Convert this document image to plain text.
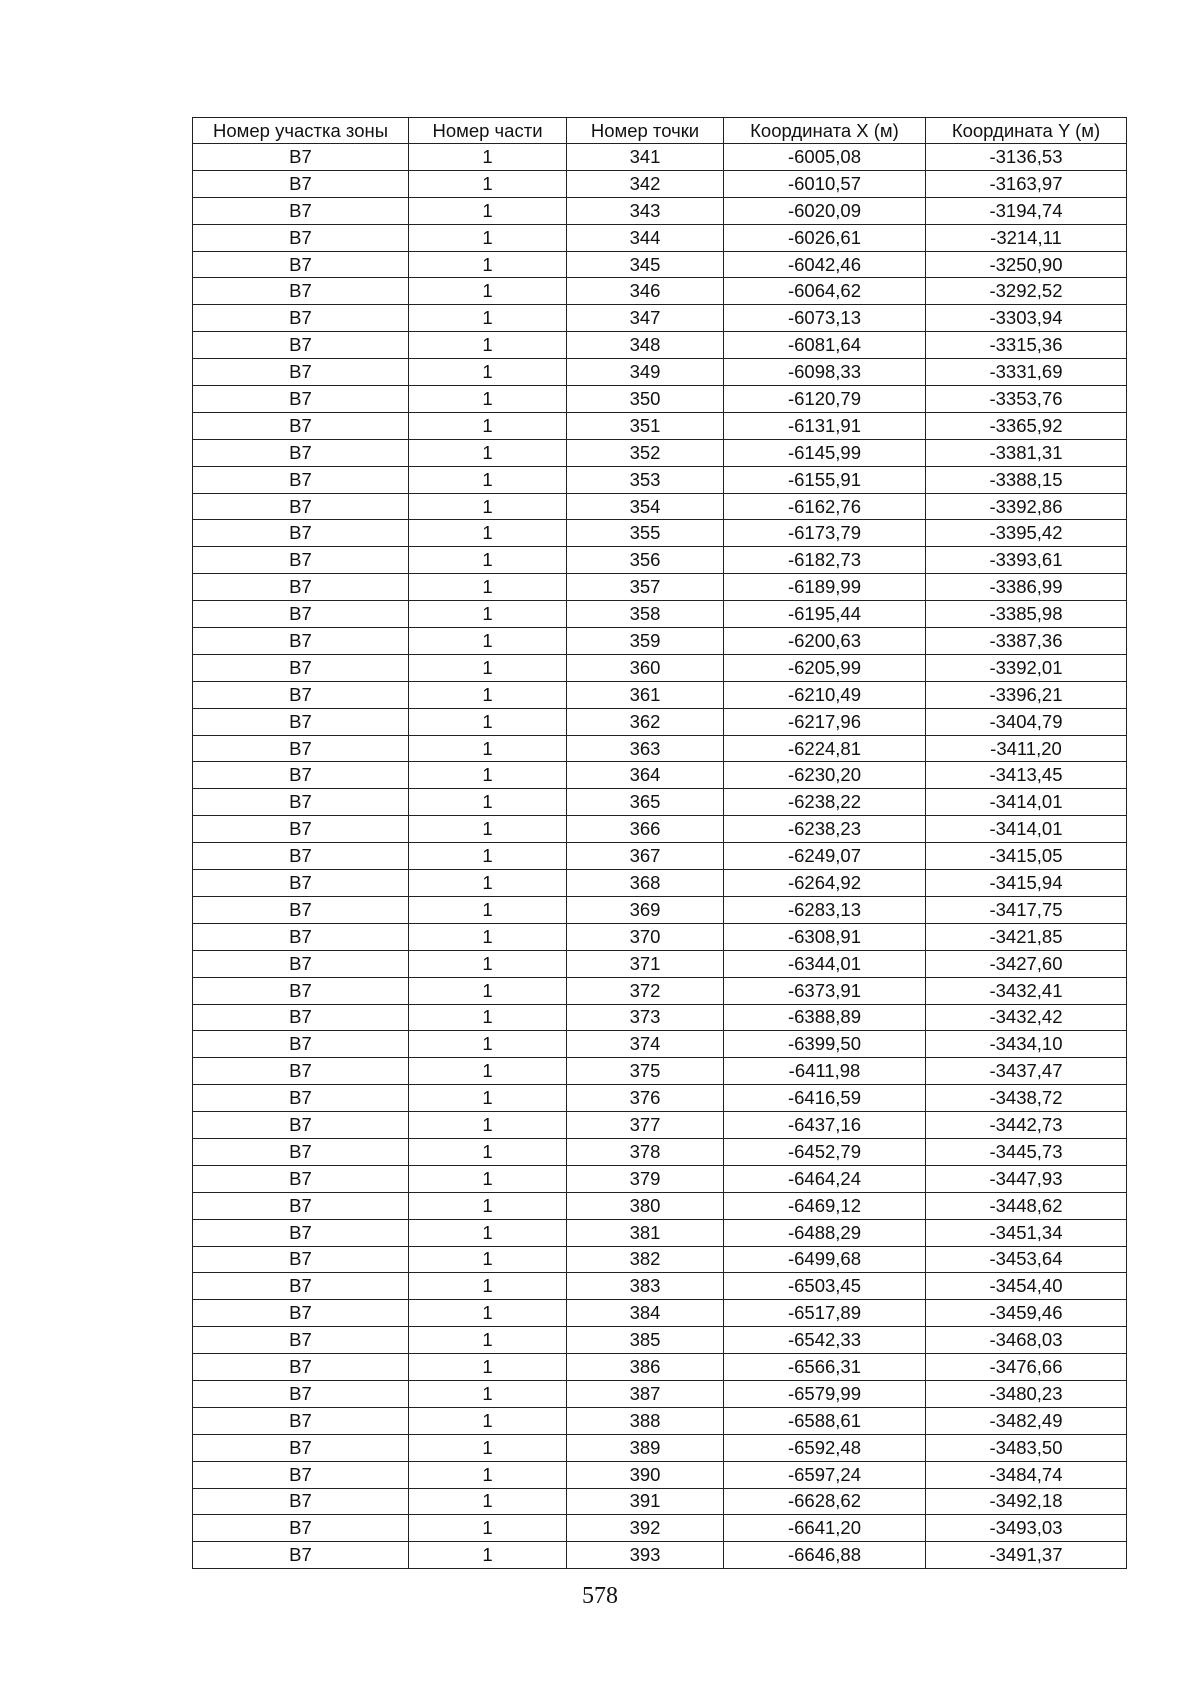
Номер участка зоны	Номер части	Номер точки	Координата X (м)	Координата Y (м)
В7	1	341	-6005,08	-3136,53
В7	1	342	-6010,57	-3163,97
В7	1	343	-6020,09	-3194,74
В7	1	344	-6026,61	-3214,11
В7	1	345	-6042,46	-3250,90
В7	1	346	-6064,62	-3292,52
В7	1	347	-6073,13	-3303,94
В7	1	348	-6081,64	-3315,36
В7	1	349	-6098,33	-3331,69
В7	1	350	-6120,79	-3353,76
В7	1	351	-6131,91	-3365,92
В7	1	352	-6145,99	-3381,31
В7	1	353	-6155,91	-3388,15
В7	1	354	-6162,76	-3392,86
В7	1	355	-6173,79	-3395,42
В7	1	356	-6182,73	-3393,61
В7	1	357	-6189,99	-3386,99
В7	1	358	-6195,44	-3385,98
В7	1	359	-6200,63	-3387,36
В7	1	360	-6205,99	-3392,01
В7	1	361	-6210,49	-3396,21
В7	1	362	-6217,96	-3404,79
В7	1	363	-6224,81	-3411,20
В7	1	364	-6230,20	-3413,45
В7	1	365	-6238,22	-3414,01
В7	1	366	-6238,23	-3414,01
В7	1	367	-6249,07	-3415,05
В7	1	368	-6264,92	-3415,94
В7	1	369	-6283,13	-3417,75
В7	1	370	-6308,91	-3421,85
В7	1	371	-6344,01	-3427,60
В7	1	372	-6373,91	-3432,41
В7	1	373	-6388,89	-3432,42
В7	1	374	-6399,50	-3434,10
В7	1	375	-6411,98	-3437,47
В7	1	376	-6416,59	-3438,72
В7	1	377	-6437,16	-3442,73
В7	1	378	-6452,79	-3445,73
В7	1	379	-6464,24	-3447,93
В7	1	380	-6469,12	-3448,62
В7	1	381	-6488,29	-3451,34
В7	1	382	-6499,68	-3453,64
В7	1	383	-6503,45	-3454,40
В7	1	384	-6517,89	-3459,46
В7	1	385	-6542,33	-3468,03
В7	1	386	-6566,31	-3476,66
В7	1	387	-6579,99	-3480,23
В7	1	388	-6588,61	-3482,49
В7	1	389	-6592,48	-3483,50
В7	1	390	-6597,24	-3484,74
В7	1	391	-6628,62	-3492,18
В7	1	392	-6641,20	-3493,03
В7	1	393	-6646,88	-3491,37
578
